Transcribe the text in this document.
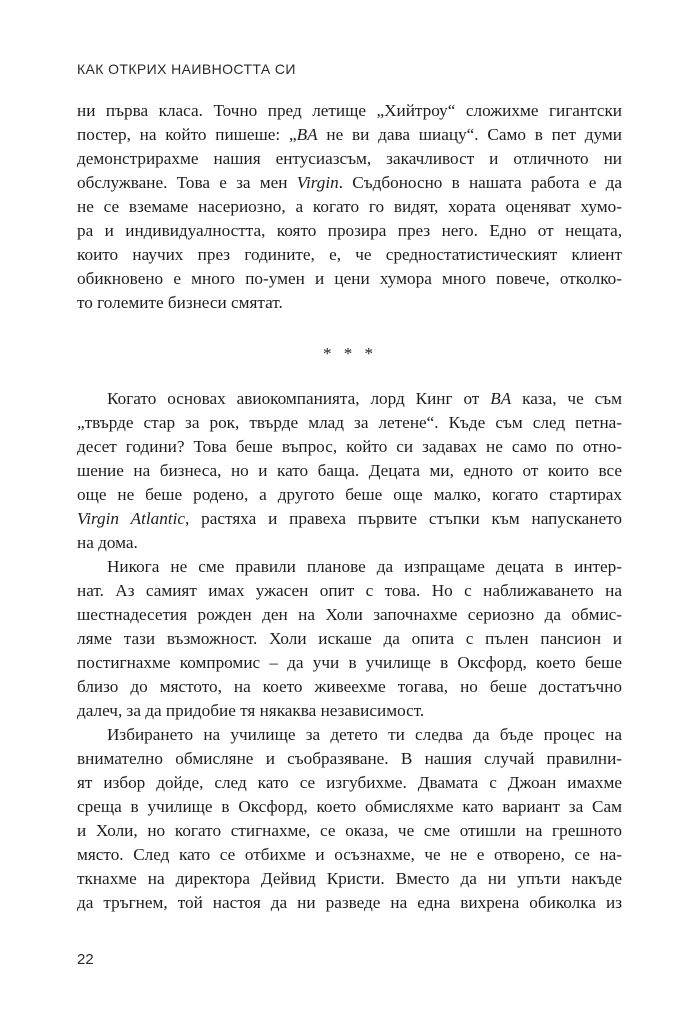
КАК ОТКРИХ НАИВНОСТТА СИ
ни първа класа. Точно пред летище „Хийтроу“ сложихме гигантски
постер, на който пишеше: „BA не ви дава шиацу“. Само в пет думи
демонстрирахме нашия ентусиазсъм, закачливост и отличното ни
обслужване. Това е за мен Virgin. Съдбоносно в нашата работа е да
не се вземаме насериозно, а когато го видят, хората оценяват хумо-
ра и индивидуалността, която прозира през него. Едно от нещата,
които научих през годините, е, че средностатистическият клиент
обикновено е много по-умен и цени хумора много повече, отколко-
то големите бизнеси смятат.
* * *
Когато основах авиокомпанията, лорд Кинг от BA каза, че съм
„твърде стар за рок, твърде млад за летене“. Къде съм след петна-
десет години? Това беше въпрос, който си задавах не само по отно-
шение на бизнеса, но и като баща. Децата ми, едното от които все
още не беше родено, а другото беше още малко, когато стартирах
Virgin Atlantic, растяха и правеха първите стъпки към напускането
на дома.
Никога не сме правили планове да изпращаме децата в интер-
нат. Аз самият имах ужасен опит с това. Но с наближаването на
шестнадесетия рожден ден на Холи започнахме сериозно да обмис-
ляме тази възможност. Холи искаше да опита с пълен пансион и
постигнахме компромис – да учи в училище в Оксфорд, което беше
близо до мястото, на което живеехме тогава, но беше достатъчно
далеч, за да придобие тя някаква независимост.
Избирането на училище за детето ти следва да бъде процес на
внимателно обмисляне и съобразяване. В нашия случай правилни-
ят избор дойде, след като се изгубихме. Двамата с Джоан имахме
среща в училище в Оксфорд, което обмисляхме като вариант за Сам
и Холи, но когато стигнахме, се оказа, че сме отишли на грешното
място. След като се отбихме и осъзнахме, че не е отворено, се на-
ткнахме на директора Дейвид Кристи. Вместо да ни упъти накъде
да тръгнем, той настоя да ни разведе на една вихрена обиколка из
22
